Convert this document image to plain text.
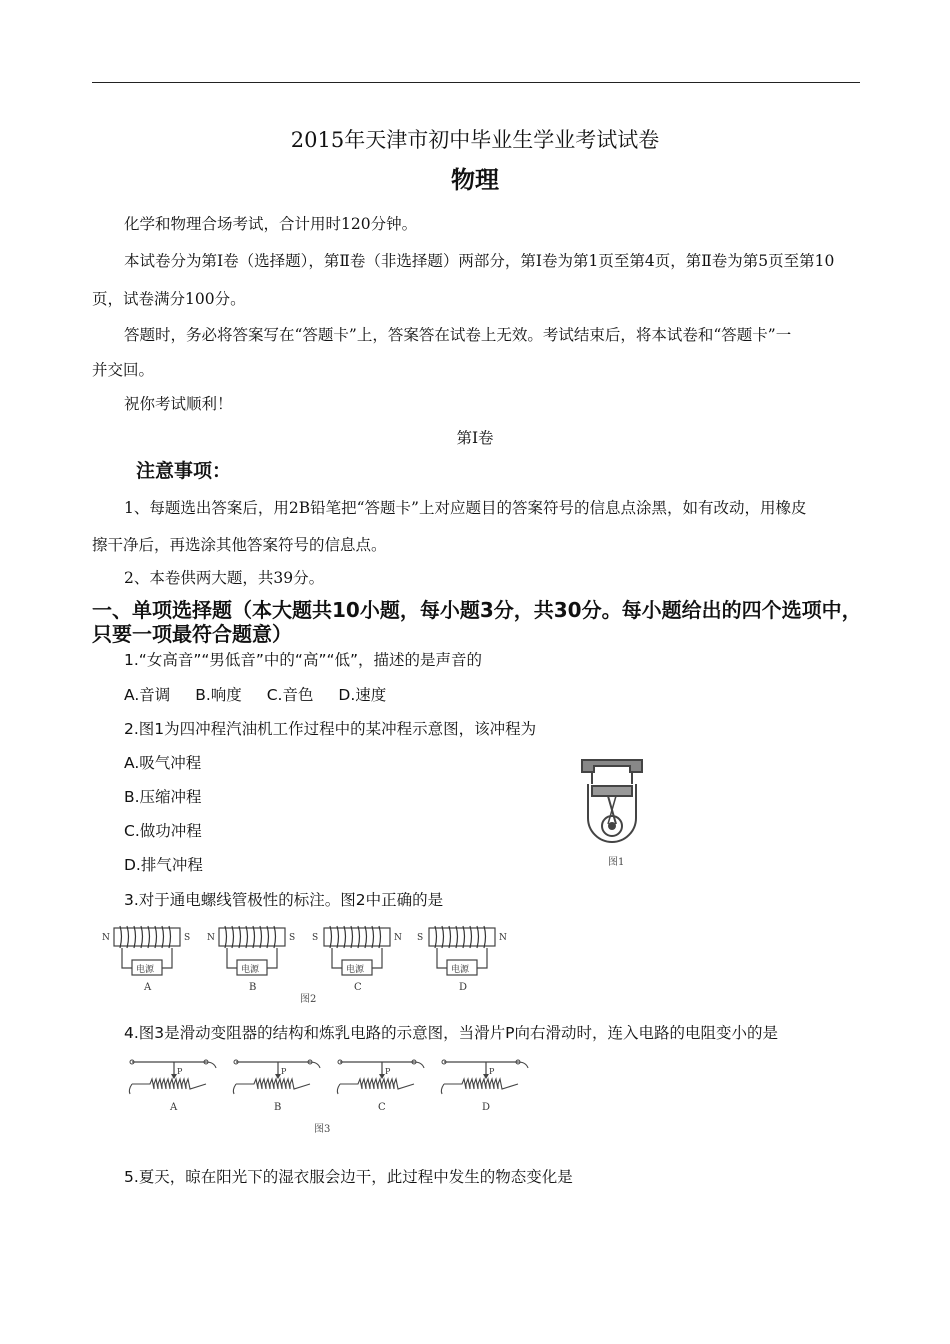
2015年天津市初中毕业生学业考试试卷
物理
化学和物理合场考试，合计用时120分钟。
本试卷分为第Ⅰ卷（选择题），第Ⅱ卷（非选择题）两部分，第Ⅰ卷为第1页至第4页，第Ⅱ卷为第5页至第10
页，试卷满分100分。
答题时，务必将答案写在“答题卡”上，答案答在试卷上无效。考试结束后，将本试卷和“答题卡”一
并交回。
祝你考试顺利！
第Ⅰ卷
注意事项：
1、每题选出答案后，用2B铅笔把“答题卡”上对应题目的答案符号的信息点涂黑，如有改动，用橡皮
擦干净后，再选涂其他答案符号的信息点。
2、本卷供两大题，共39分。
一、单项选择题（本大题共10小题，每小题3分，共30分。每小题给出的四个选项中，只要一项最符合题意）
1.“女高音”“男低音”中的“高”“低”，描述的是声音的
A.音调 B.响度 C.音色 D.速度
2.图1为四冲程汽油机工作过程中的某冲程示意图，该冲程为
A.吸气冲程
B.压缩冲程
C.做功冲程
D.排气冲程	图1
3.对于通电螺线管极性的标注。图2中正确的是
N	S
电源
A
N	S
电源
B
S	N
电源
C
S	N
电源
D
图2
4.图3是滑动变阻器的结构和炼乳电路的示意图，当滑片P向右滑动时，连入电路的电阻变小的是
P
A
P
B
P
C
P
D
图3
5.夏天，晾在阳光下的湿衣服会边干，此过程中发生的物态变化是
